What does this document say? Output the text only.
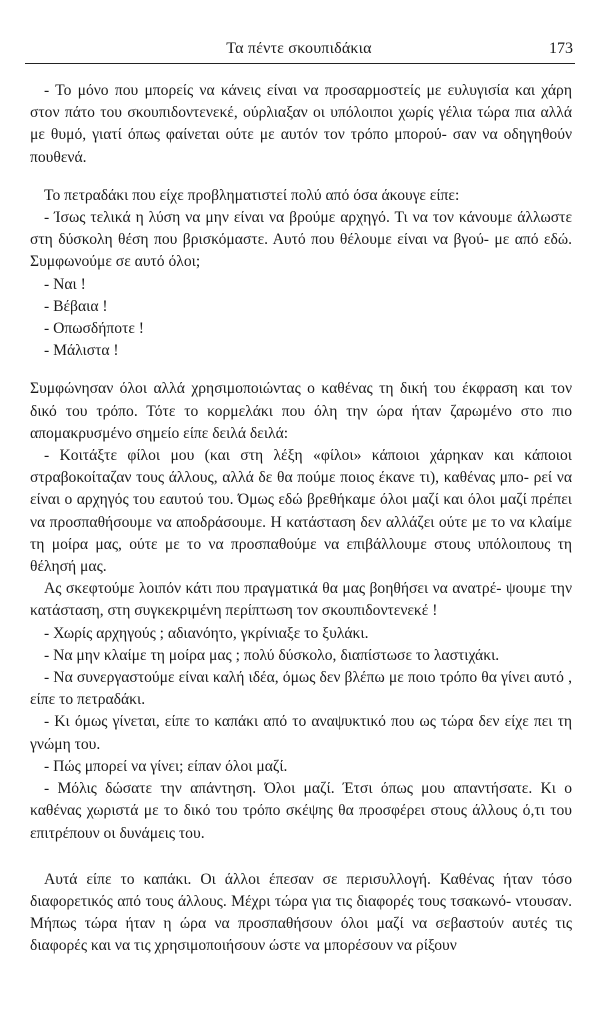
Τα πέντε σκουπιδάκια	173

- Το μόνο που μπορείς να κάνεις είναι να προσαρμοστείς με ευλυγισία και χάρη στον πάτο του σκουπιδοντενεκέ, ούρλιαξαν οι υπόλοιποι χωρίς γέλια τώρα πια αλλά με θυμό, γιατί όπως φαίνεται ούτε με αυτόν τον τρόπο μπορού- σαν να οδηγηθούν πουθενά.

Το πετραδάκι που είχε προβληματιστεί πολύ από όσα άκουγε είπε:

- Ίσως τελικά η λύση να μην είναι να βρούμε αρχηγό. Τι να τον κάνουμε άλλωστε στη δύσκολη θέση που βρισκόμαστε. Αυτό που θέλουμε είναι να βγού- με από εδώ. Συμφωνούμε σε αυτό όλοι;

- Ναι !

- Βέβαια !

- Οπωσδήποτε !

- Μάλιστα !

Συμφώνησαν όλοι αλλά χρησιμοποιώντας ο καθένας τη δική του έκφραση και τον δικό του τρόπο. Τότε το κορμελάκι που όλη την ώρα ήταν ζαρωμένο στο πιο απομακρυσμένο σημείο είπε δειλά δειλά:

- Κοιτάξτε φίλοι μου (και στη λέξη «φίλοι» κάποιοι χάρηκαν και κάποιοι στραβοκοίταζαν τους άλλους, αλλά δε θα πούμε ποιος έκανε τι), καθένας μπο- ρεί να είναι ο αρχηγός του εαυτού του. Όμως εδώ βρεθήκαμε όλοι μαζί και όλοι μαζί πρέπει να προσπαθήσουμε να αποδράσουμε. Η κατάσταση δεν αλλάζει ούτε με το να κλαίμε τη μοίρα μας, ούτε με το να προσπαθούμε να επιβάλλουμε στους υπόλοιπους τη θέλησή μας.

Ας σκεφτούμε λοιπόν κάτι που πραγματικά θα μας βοηθήσει να ανατρέ- ψουμε την κατάσταση, στη συγκεκριμένη περίπτωση τον σκουπιδοντενεκέ !

- Χωρίς αρχηγούς ; αδιανόητο, γκρίνιαξε το ξυλάκι.

- Να μην κλαίμε τη μοίρα μας ; πολύ δύσκολο, διαπίστωσε το λαστιχάκι.

- Να συνεργαστούμε είναι καλή ιδέα, όμως δεν βλέπω με ποιο τρόπο θα γίνει αυτό , είπε το πετραδάκι.

- Κι όμως γίνεται, είπε το καπάκι από το αναψυκτικό που ως τώρα δεν είχε πει τη γνώμη του.

- Πώς μπορεί να γίνει; είπαν όλοι μαζί.

- Μόλις δώσατε την απάντηση. Όλοι μαζί. Έτσι όπως μου απαντήσατε. Κι ο καθένας χωριστά με το δικό του τρόπο σκέψης θα προσφέρει στους άλλους ό,τι του επιτρέπουν οι δυνάμεις του.

Αυτά είπε το καπάκι. Οι άλλοι έπεσαν σε περισυλλογή. Καθένας ήταν τόσο διαφορετικός από τους άλλους. Μέχρι τώρα για τις διαφορές τους τσακωνό- ντουσαν. Μήπως τώρα ήταν η ώρα να προσπαθήσουν όλοι μαζί να σεβαστούν αυτές τις διαφορές και να τις χρησιμοποιήσουν ώστε να μπορέσουν να ρίξουν
